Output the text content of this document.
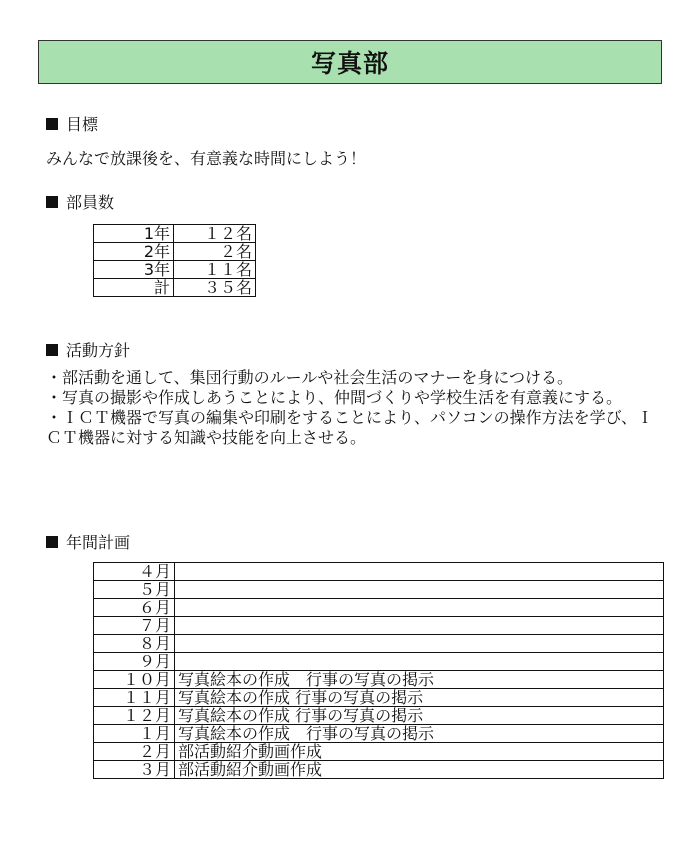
写真部
目標
みんなで放課後を、有意義な時間にしよう！
部員数
1年	１２名
2年	２名
3年	１１名
計	３５名
活動方針

・部活動を通して、集団行動のルールや社会生活のマナーを身につける。

・写真の撮影や作成しあうことにより、仲間づくりや学校生活を有意義にする。

・ＩＣＴ機器で写真の編集や印刷をすることにより、パソコンの操作方法を学び、ＩＣＴ機器に対する知識や技能を向上させる。

年間計画
４月	
５月	
６月	
７月	
８月	
９月	
１０月	写真絵本の作成　行事の写真の掲示
１１月	写真絵本の作成 行事の写真の掲示
１２月	写真絵本の作成 行事の写真の掲示
１月	写真絵本の作成　行事の写真の掲示
２月	部活動紹介動画作成
３月	部活動紹介動画作成
